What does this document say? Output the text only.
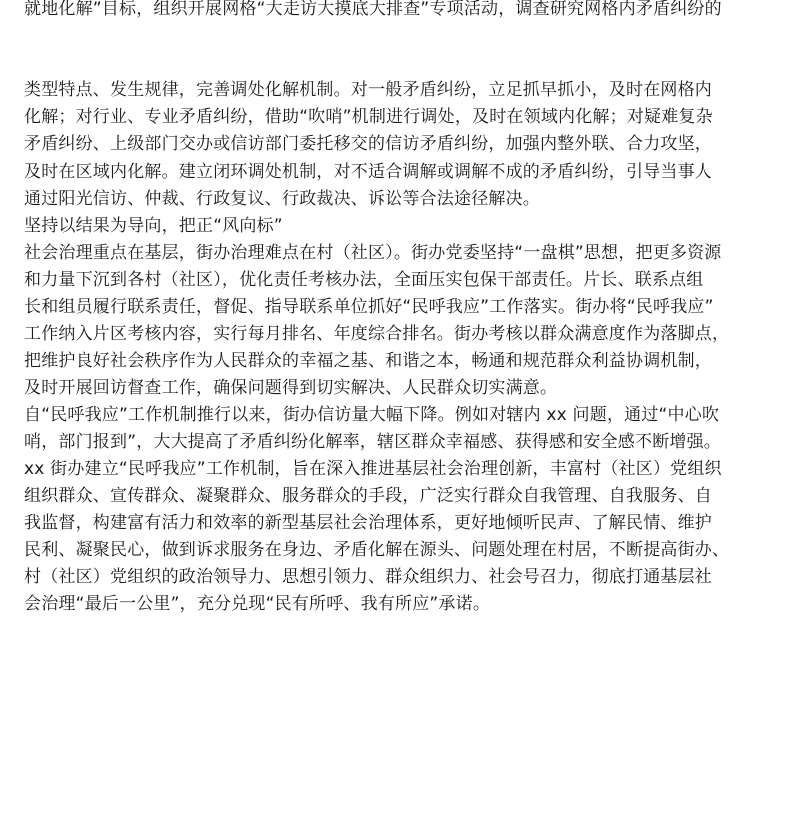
就地化解”目标，组织开展网格“大走访大摸底大排查”专项活动，调查研究网格内矛盾纠纷的
类型特点、发生规律，完善调处化解机制。对一般矛盾纠纷，立足抓早抓小，及时在网格内
化解；对行业、专业矛盾纠纷，借助“吹哨”机制进行调处，及时在领域内化解；对疑难复杂
矛盾纠纷、上级部门交办或信访部门委托移交的信访矛盾纠纷，加强内整外联、合力攻坚，
及时在区域内化解。建立闭环调处机制，对不适合调解或调解不成的矛盾纠纷，引导当事人
通过阳光信访、仲裁、行政复议、行政裁决、诉讼等合法途径解决。
坚持以结果为导向，把正“风向标”
社会治理重点在基层，街办治理难点在村（社区）。街办党委坚持“一盘棋”思想，把更多资源
和力量下沉到各村（社区），优化责任考核办法，全面压实包保干部责任。片长、联系点组
长和组员履行联系责任，督促、指导联系单位抓好“民呼我应”工作落实。街办将“民呼我应”
工作纳入片区考核内容，实行每月排名、年度综合排名。街办考核以群众满意度作为落脚点，
把维护良好社会秩序作为人民群众的幸福之基、和谐之本，畅通和规范群众利益协调机制，
及时开展回访督查工作，确保问题得到切实解决、人民群众切实满意。
自“民呼我应”工作机制推行以来，街办信访量大幅下降。例如对辖内 xx 问题，通过“中心吹
哨，部门报到”，大大提高了矛盾纠纷化解率，辖区群众幸福感、获得感和安全感不断增强。
xx 街办建立“民呼我应”工作机制，旨在深入推进基层社会治理创新，丰富村（社区）党组织
组织群众、宣传群众、凝聚群众、服务群众的手段，广泛实行群众自我管理、自我服务、自
我监督，构建富有活力和效率的新型基层社会治理体系，更好地倾听民声、了解民情、维护
民利、凝聚民心，做到诉求服务在身边、矛盾化解在源头、问题处理在村居，不断提高街办、
村（社区）党组织的政治领导力、思想引领力、群众组织力、社会号召力，彻底打通基层社
会治理“最后一公里”，充分兑现“民有所呼、我有所应”承诺。
